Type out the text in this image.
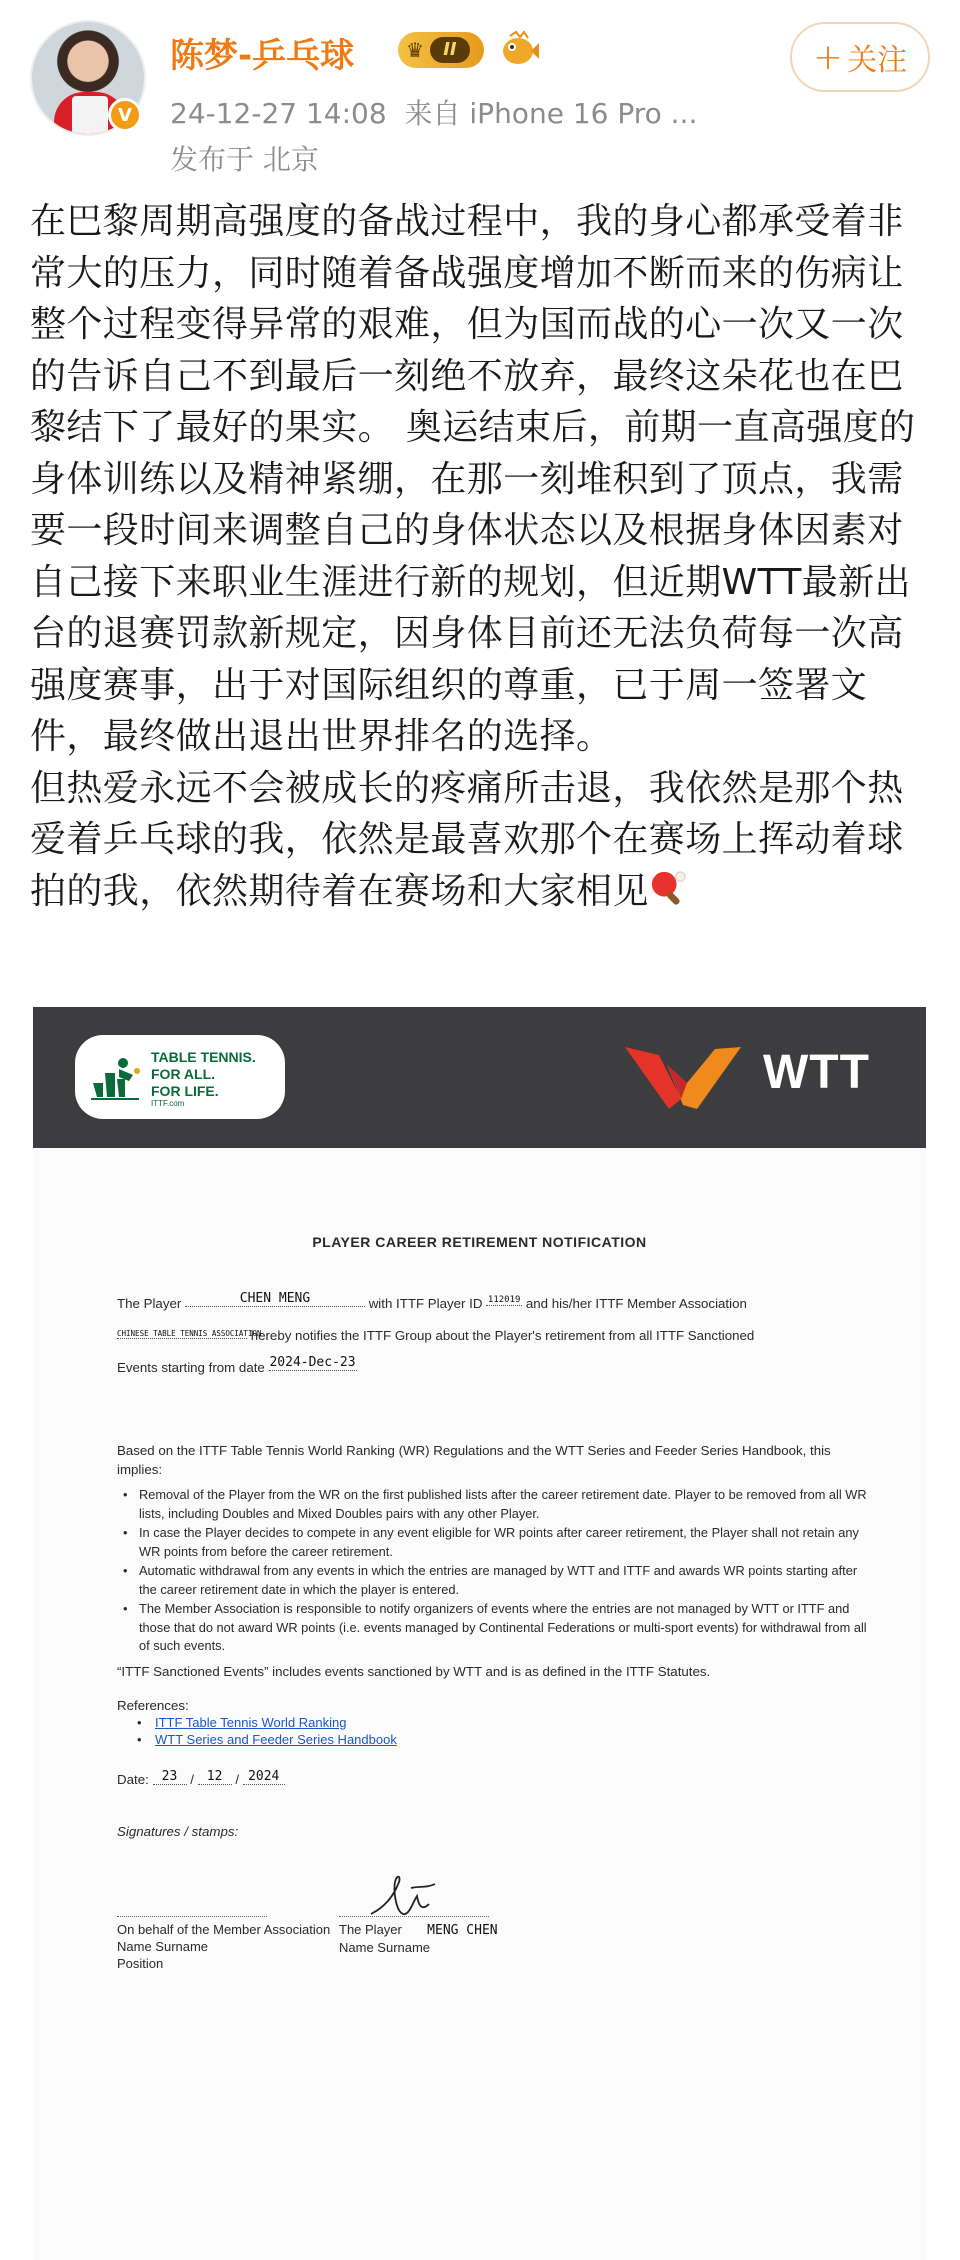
V
陈梦-乒乓球	♛	II
24-12-27 14:08 来自 iPhone 16 Pro ...
发布于 北京
+ 关注

在巴黎周期高强度的备战过程中，我的身心都承受着非常大的压力，同时随着备战强度增加不断而来的伤病让整个过程变得异常的艰难，但为国而战的心一次又一次的告诉自己不到最后一刻绝不放弃，最终这朵花也在巴黎结下了最好的果实。 奥运结束后，前期一直高强度的身体训练以及精神紧绷，在那一刻堆积到了顶点，我需要一段时间来调整自己的身体状态以及根据身体因素对自己接下来职业生涯进行新的规划，但近期WTT最新出台的退赛罚款新规定，因身体目前还无法负荷每一次高强度赛事，出于对国际组织的尊重，已于周一签署文件，最终做出退出世界排名的选择。

但热爱永远不会被成长的疼痛所击退，我依然是那个热爱着乒乓球的我，依然是最喜欢那个在赛场上挥动着球拍的我，依然期待着在赛场和大家相见

TABLE TENNIS.
FOR ALL.
FOR LIFE.
ITTF.com
WTT
PLAYER CAREER RETIREMENT NOTIFICATION
The Player	CHEN MENG	with ITTF Player ID 112019 and his/her ITTF Member Association
CHINESE TABLE TENNIS ASSOCIATION hereby notifies the ITTF Group about the Player's retirement from all ITTF Sanctioned
Events starting from date 2024-Dec-23
Based on the ITTF Table Tennis World Ranking (WR) Regulations and the WTT Series and Feeder Series Handbook, this implies:
• Removal of the Player from the WR on the first published lists after the career retirement date. Player to be removed from all WR lists, including Doubles and Mixed Doubles pairs with any other Player.
• In case the Player decides to compete in any event eligible for WR points after career retirement, the Player shall not retain any WR points from before the career retirement.
• Automatic withdrawal from any events in which the entries are managed by WTT and ITTF and awards WR points starting after the career retirement date in which the player is entered.
• The Member Association is responsible to notify organizers of events where the entries are not managed by WTT or ITTF and those that do not award WR points (i.e. events managed by Continental Federations or multi-sport events) for withdrawal from all of such events.
“ITTF Sanctioned Events” includes events sanctioned by WTT and is as defined in the ITTF Statutes.
References:
• ITTF Table Tennis World Ranking
• WTT Series and Feeder Series Handbook
Date: 23 / 12 / 2024
Signatures / stamps:
On behalf of the Member Association
Name Surname
Position
The Player MENG CHEN
Name Surname
